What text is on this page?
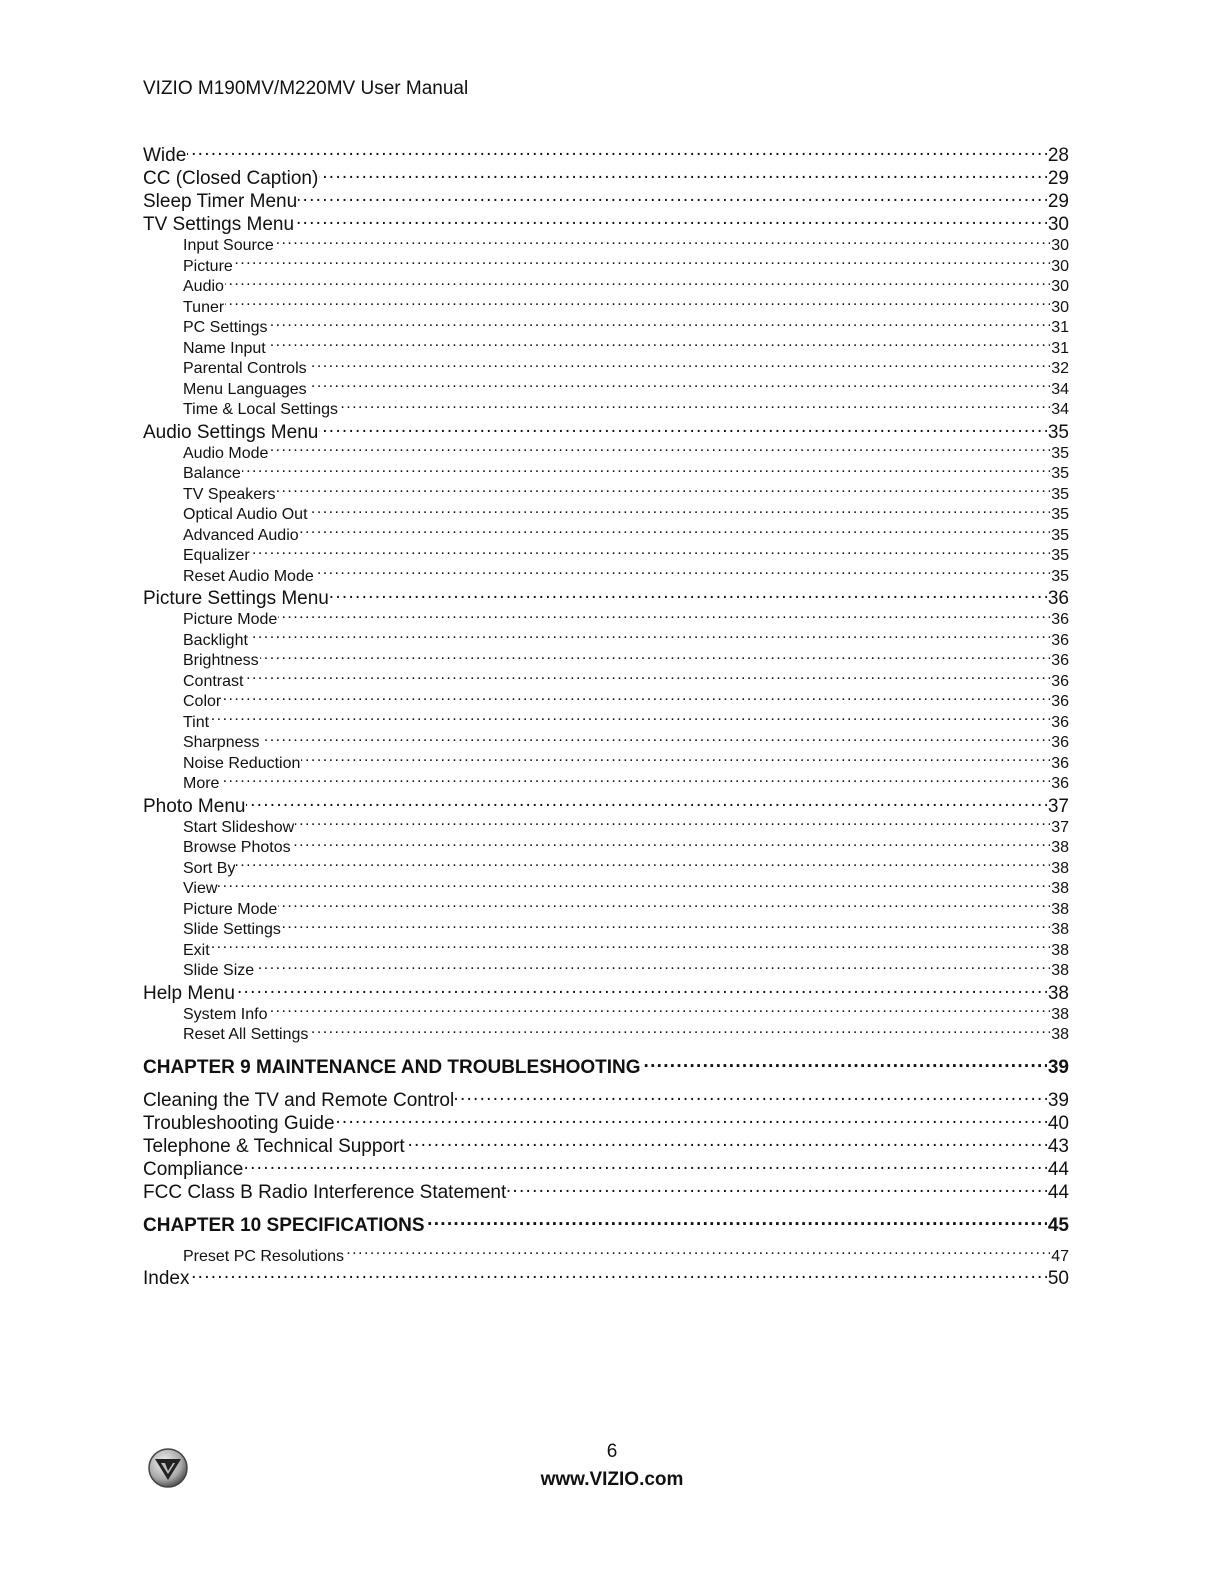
VIZIO M190MV/M220MV User Manual
Wide . . .	28
CC (Closed Caption) . . .	29
Sleep Timer Menu . . .	29
TV Settings Menu . . .	30
Input Source . . .	30
Picture . . .	30
Audio . . .	30
Tuner . . .	30
PC Settings . . .	31
Name Input . . .	31
Parental Controls . . .	32
Menu Languages . . .	34
Time & Local Settings . . .	34
Audio Settings Menu . . .	35
Audio Mode . . .	35
Balance . . .	35
TV Speakers . . .	35
Optical Audio Out . . .	35
Advanced Audio . . .	35
Equalizer . . .	35
Reset Audio Mode . . .	35
Picture Settings Menu . . .	36
Picture Mode . . .	36
Backlight . . .	36
Brightness . . .	36
Contrast . . .	36
Color . . .	36
Tint . . .	36
Sharpness . . .	36
Noise Reduction . . .	36
More . . .	36
Photo Menu . . .	37
Start Slideshow . . .	37
Browse Photos . . .	38
Sort By . . .	38
View . . .	38
Picture Mode . . .	38
Slide Settings . . .	38
Exit . . .	38
Slide Size . . .	38
Help Menu . . .	38
System Info . . .	38
Reset All Settings . . .	38
CHAPTER 9 MAINTENANCE AND TROUBLESHOOTING . . .	39
Cleaning the TV and Remote Control . . .	39
Troubleshooting Guide . . .	40
Telephone & Technical Support . . .	43
Compliance . . .	44
FCC Class B Radio Interference Statement . . .	44
CHAPTER 10 SPECIFICATIONS . . .	45
Preset PC Resolutions . . .	47
Index . . .	50
6
www.VIZIO.com
